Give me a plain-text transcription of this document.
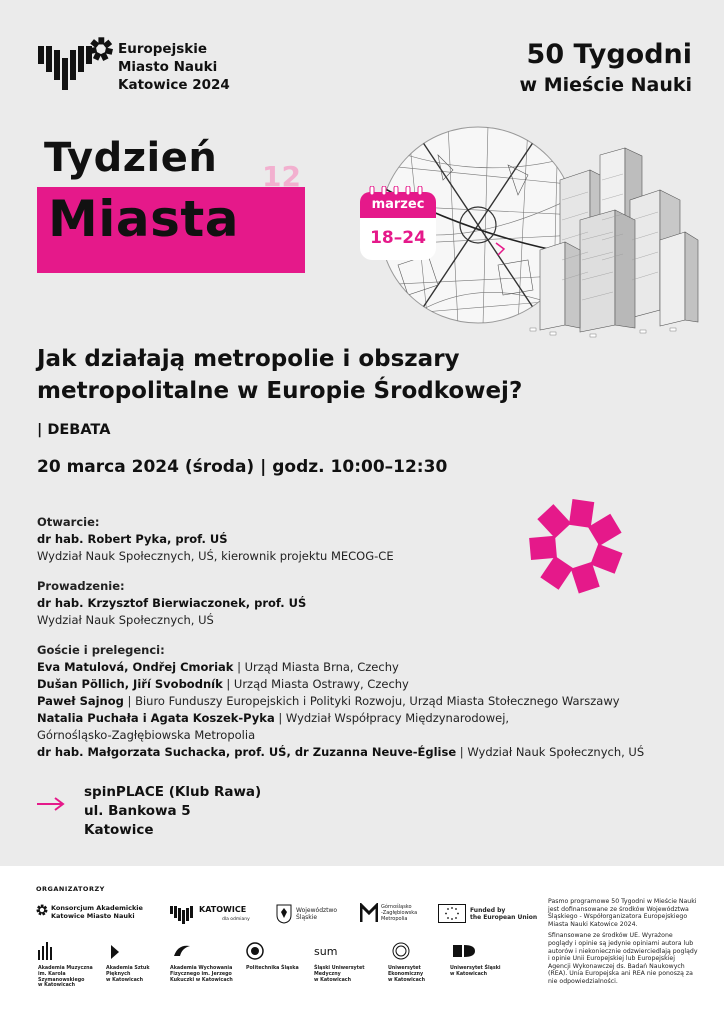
Europejskie
Miasto Nauki
Katowice 2024
50 Tygodni
w Mieście Nauki
Tydzień
Miasta
12
marzec
18–24
Jak działają metropolie i obszary
metropolitalne w Europie Środkowej?
| DEBATA
20 marca 2024 (środa) | godz. 10:00–12:30
Otwarcie:
dr hab. Robert Pyka, prof. UŚ
Wydział Nauk Społecznych, UŚ, kierownik projektu MECOG-CE
Prowadzenie:
dr hab. Krzysztof Bierwiaczonek, prof. UŚ
Wydział Nauk Społecznych, UŚ
Goście i prelegenci:
Eva Matulová, Ondřej Cmoriak | Urząd Miasta Brna, Czechy
Dušan Pöllich, Jiří Svobodník | Urząd Miasta Ostrawy, Czechy
Paweł Sajnog | Biuro Funduszy Europejskich i Polityki Rozwoju, Urząd Miasta Stołecznego Warszawy
Natalia Puchała i Agata Koszek-Pyka | Wydział Współpracy Międzynarodowej,
Górnośląsko-Zagłębiowska Metropolia
dr hab. Małgorzata Suchacka, prof. UŚ, dr Zuzanna Neuve-Église | Wydział Nauk Społecznych, UŚ
spinPLACE (Klub Rawa)
ul. Bankowa 5
Katowice
ORGANIZATORZY
Konsorcjum Akademickie
Katowice Miasto Nauki
KATOWICE
dla odmiany
Województwo
Śląskie
Górnośląsko
-Zagłębiowska
Metropolia
Funded by
the European Union
sum
Akademia Muzyczna
im. Karola
Szymanowskiego
w Katowicach
Akademia Sztuk
Pięknych
w Katowicach
Akademia Wychowania
Fizycznego im. Jerzego
Kukuczki w Katowicach
Politechnika Śląska	Śląski Uniwersytet
Medyczny
w Katowicach
Uniwersytet
Ekonomiczny
w Katowicach
Uniwersytet Śląski
w Katowicach

Pasmo programowe 50 Tygodni w Mieście Nauki jest dofinansowane ze środków Województwa Śląskiego - Współorganizatora Europejskiego Miasta Nauki Katowice 2024.

Sfinansowane ze środków UE. Wyrażone poglądy i opinie są jedynie opiniami autora lub autorów i niekoniecznie odzwierciedlają poglądy i opinie Unii Europejskiej lub Europejskiej Agencji Wykonawczej ds. Badań Naukowych (REA). Unia Europejska ani REA nie ponoszą za nie odpowiedzialności.
